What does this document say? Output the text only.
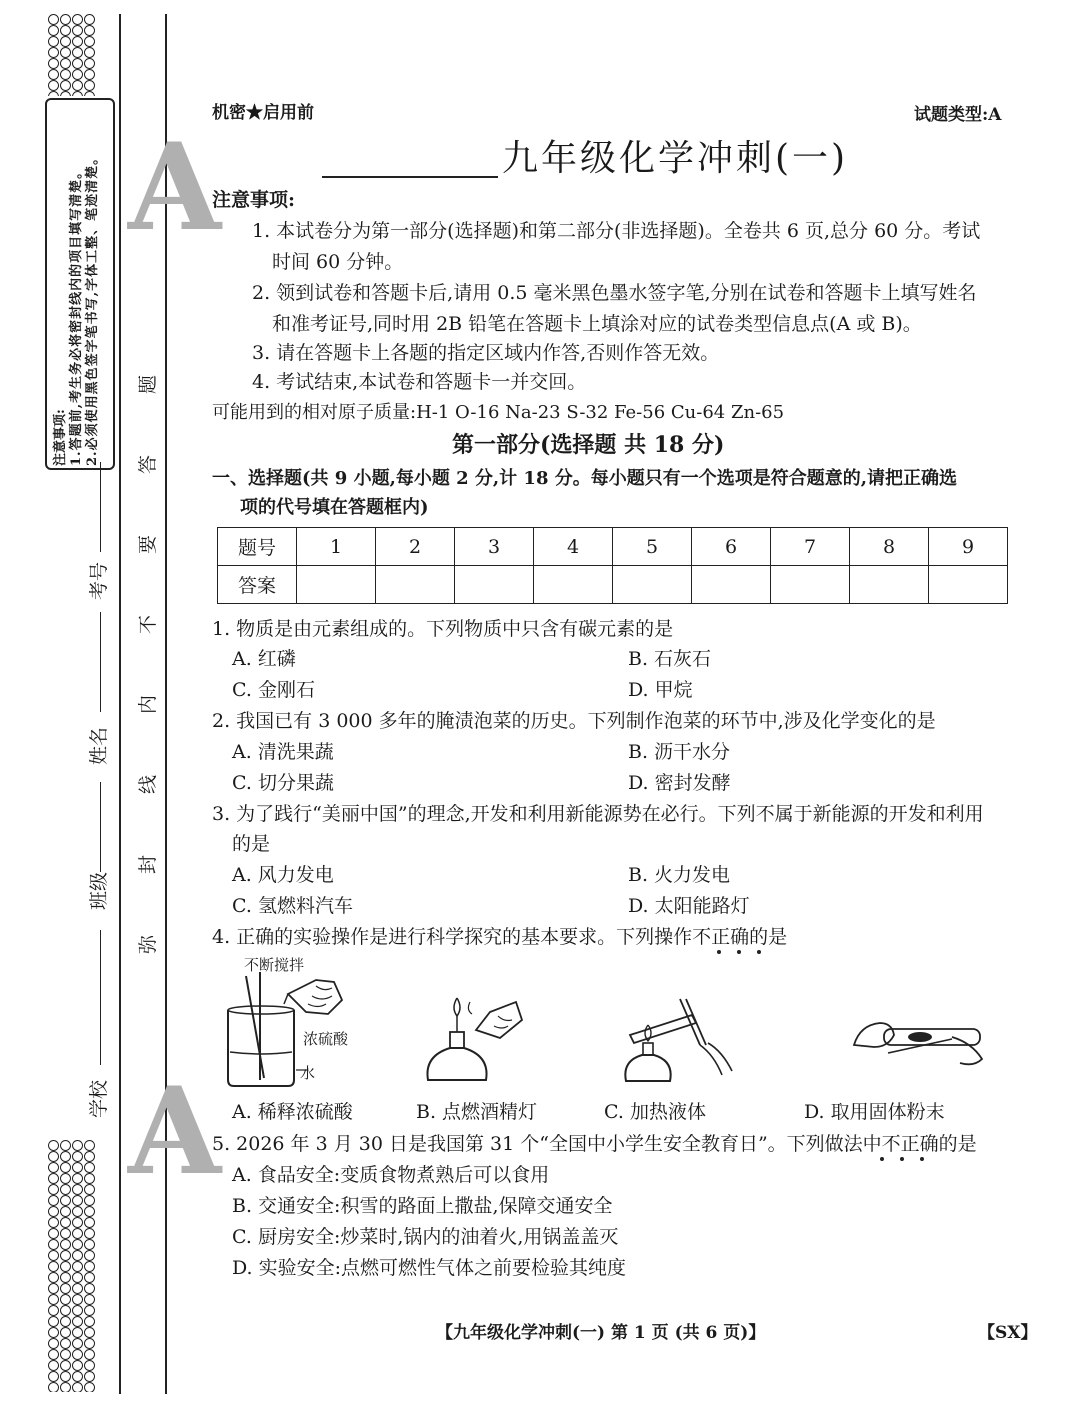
注意事项: 1.答题前,考生务必将密封线内的项目填写清楚。 2.必须使用黑色签字笔书写,字体工整、笔迹清楚。 题
答
要
不
内
线
封
弥
考号
姓名
班级
学校
A
A
机密★启用前	试题类型:A
九年级化学冲刺(一)
注意事项:
1. 本试卷分为第一部分(选择题)和第二部分(非选择题)。全卷共 6 页,总分 60 分。考试
时间 60 分钟。
2. 领到试卷和答题卡后,请用 0.5 毫米黑色墨水签字笔,分别在试卷和答题卡上填写姓名
和准考证号,同时用 2B 铅笔在答题卡上填涂对应的试卷类型信息点(A 或 B)。
3. 请在答题卡上各题的指定区域内作答,否则作答无效。
4. 考试结束,本试卷和答题卡一并交回。
可能用到的相对原子质量:H-1 O-16 Na-23 S-32 Fe-56 Cu-64 Zn-65
第一部分(选择题 共 18 分)
一、选择题(共 9 小题,每小题 2 分,计 18 分。每小题只有一个选项是符合题意的,请把正确选
项的代号填在答题框内)
题号	1	2	3	4	5	6	7	8	9
答案									
1. 物质是由元素组成的。下列物质中只含有碳元素的是
A. 红磷	B. 石灰石
C. 金刚石	D. 甲烷
2. 我国已有 3 000 多年的腌渍泡菜的历史。下列制作泡菜的环节中,涉及化学变化的是
A. 清洗果蔬	B. 沥干水分
C. 切分果蔬	D. 密封发酵
3. 为了践行“美丽中国”的理念,开发和利用新能源势在必行。下列不属于新能源的开发和利用
的是
A. 风力发电	B. 火力发电
C. 氢燃料汽车	D. 太阳能路灯
4. 正确的实验操作是进行科学探究的基本要求。下列操作不正确的是
不断搅拌
浓硫酸
水
A. 稀释浓硫酸	B. 点燃酒精灯	C. 加热液体	D. 取用固体粉末
5. 2026 年 3 月 30 日是我国第 31 个“全国中小学生安全教育日”。下列做法中不正确的是
A. 食品安全:变质食物煮熟后可以食用
B. 交通安全:积雪的路面上撒盐,保障交通安全
C. 厨房安全:炒菜时,锅内的油着火,用锅盖盖灭
D. 实验安全:点燃可燃性气体之前要检验其纯度
【九年级化学冲刺(一) 第 1 页 (共 6 页)】	【SX】
